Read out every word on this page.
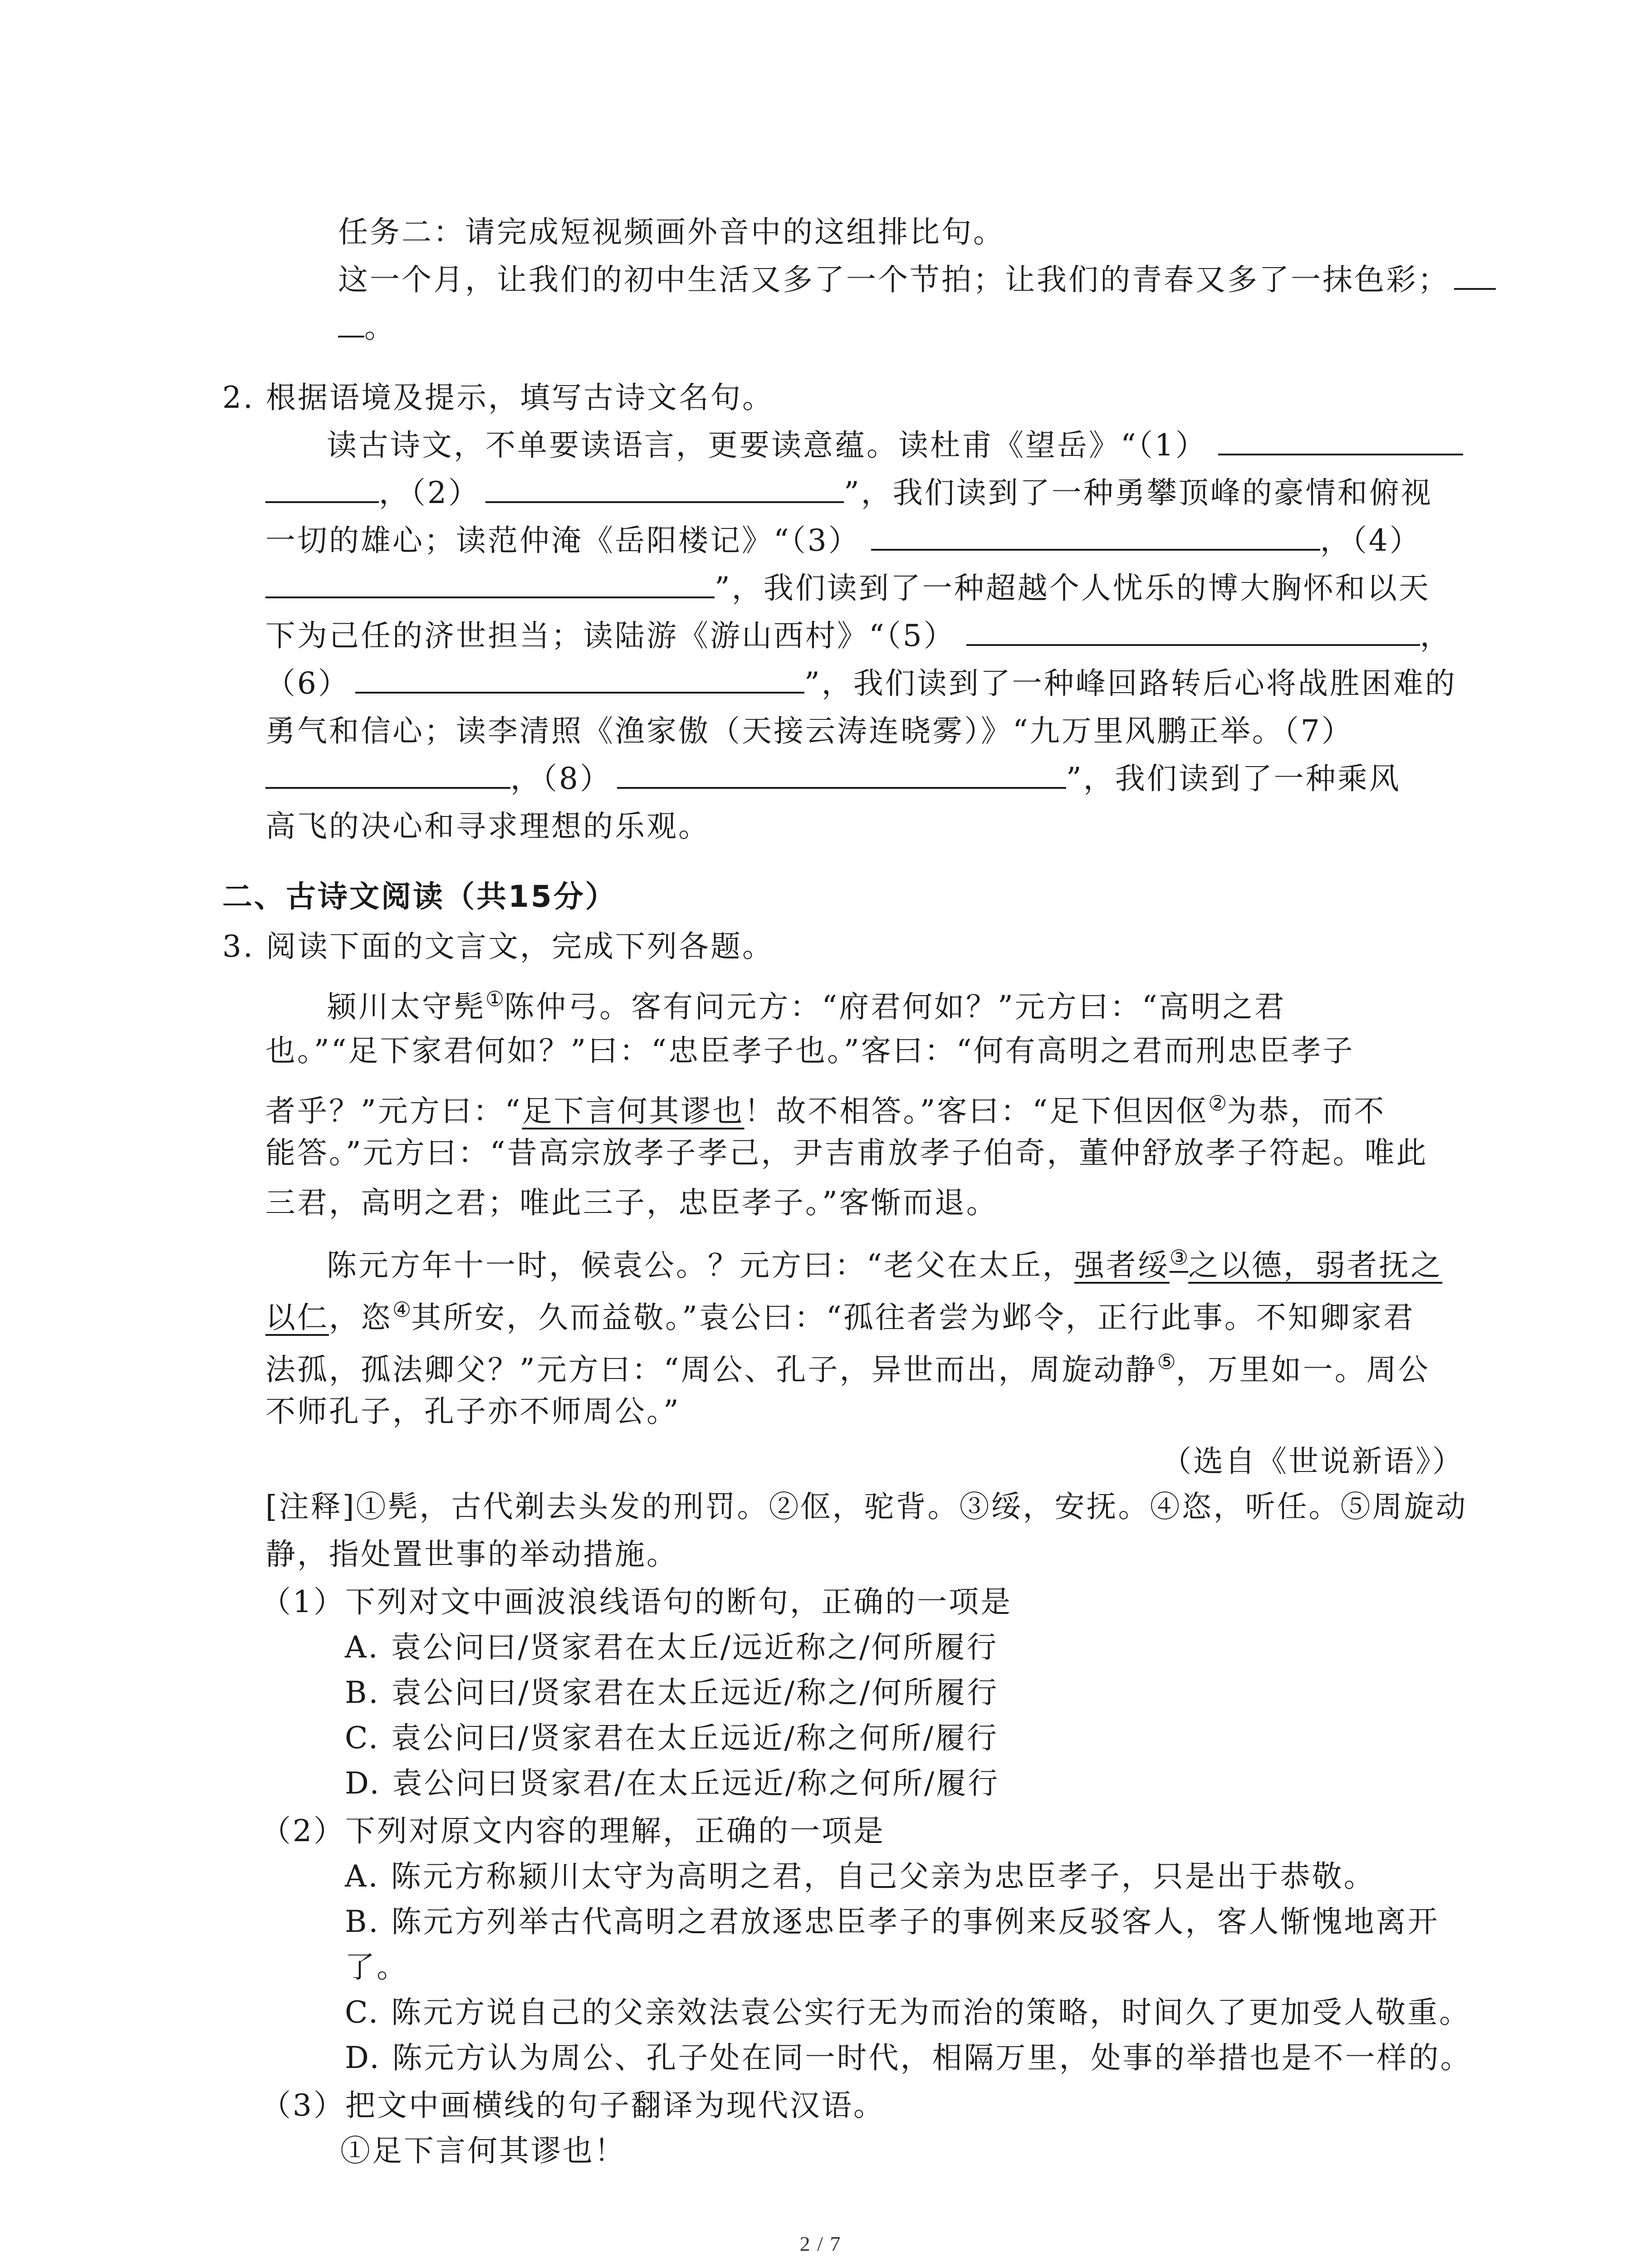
任务二：请完成短视频画外音中的这组排比句。
这一个月，让我们的初中生活又多了一个节拍；让我们的青春又多了一抹色彩；
。
2. 根据语境及提示，填写古诗文名句。
读古诗文，不单要读语言，更要读意蕴。读杜甫《望岳》“（1）
，（2）	”，我们读到了一种勇攀顶峰的豪情和俯视
一切的雄心；读范仲淹《岳阳楼记》“（3）	，（4）
”，我们读到了一种超越个人忧乐的博大胸怀和以天
下为己任的济世担当；读陆游《游山西村》“（5）	，
（6）	”，我们读到了一种峰回路转后心将战胜困难的
勇气和信心；读李清照《渔家傲（天接云涛连晓雾）》“九万里风鹏正举。（7）
，（8）	”，我们读到了一种乘风
高飞的决心和寻求理想的乐观。
二、古诗文阅读（共15分）
3. 阅读下面的文言文，完成下列各题。
颍川太守髡①陈仲弓。客有问元方：“府君何如？”元方曰：“高明之君
也。”“足下家君何如？”曰：“忠臣孝子也。”客曰：“何有高明之君而刑忠臣孝子
者乎？”元方曰：“足下言何其谬也！故不相答。”客曰：“足下但因伛②为恭，而不
能答。”元方曰：“昔高宗放孝子孝己，尹吉甫放孝子伯奇，董仲舒放孝子符起。唯此
三君，高明之君；唯此三子，忠臣孝子。”客惭而退。
陈元方年十一时，候袁公。？元方曰：“老父在太丘，强者绥③之以德，弱者抚之
以仁，恣④其所安，久而益敬。”袁公曰：“孤往者尝为邺令，正行此事。不知卿家君
法孤，孤法卿父？”元方曰：“周公、孔子，异世而出，周旋动静⑤，万里如一。周公
不师孔子，孔子亦不师周公。”
（选自《世说新语》）
[注释]①髡，古代剃去头发的刑罚。②伛，驼背。③绥，安抚。④恣，听任。⑤周旋动
静，指处置世事的举动措施。
（1）下列对文中画波浪线语句的断句，正确的一项是
A. 袁公问曰/贤家君在太丘/远近称之/何所履行
B. 袁公问曰/贤家君在太丘远近/称之/何所履行
C. 袁公问曰/贤家君在太丘远近/称之何所/履行
D. 袁公问曰贤家君/在太丘远近/称之何所/履行
（2）下列对原文内容的理解，正确的一项是
A. 陈元方称颍川太守为高明之君，自己父亲为忠臣孝子，只是出于恭敬。
B. 陈元方列举古代高明之君放逐忠臣孝子的事例来反驳客人，客人惭愧地离开
了。
C. 陈元方说自己的父亲效法袁公实行无为而治的策略，时间久了更加受人敬重。
D. 陈元方认为周公、孔子处在同一时代，相隔万里，处事的举措也是不一样的。
（3）把文中画横线的句子翻译为现代汉语。
①足下言何其谬也！
2 / 7
